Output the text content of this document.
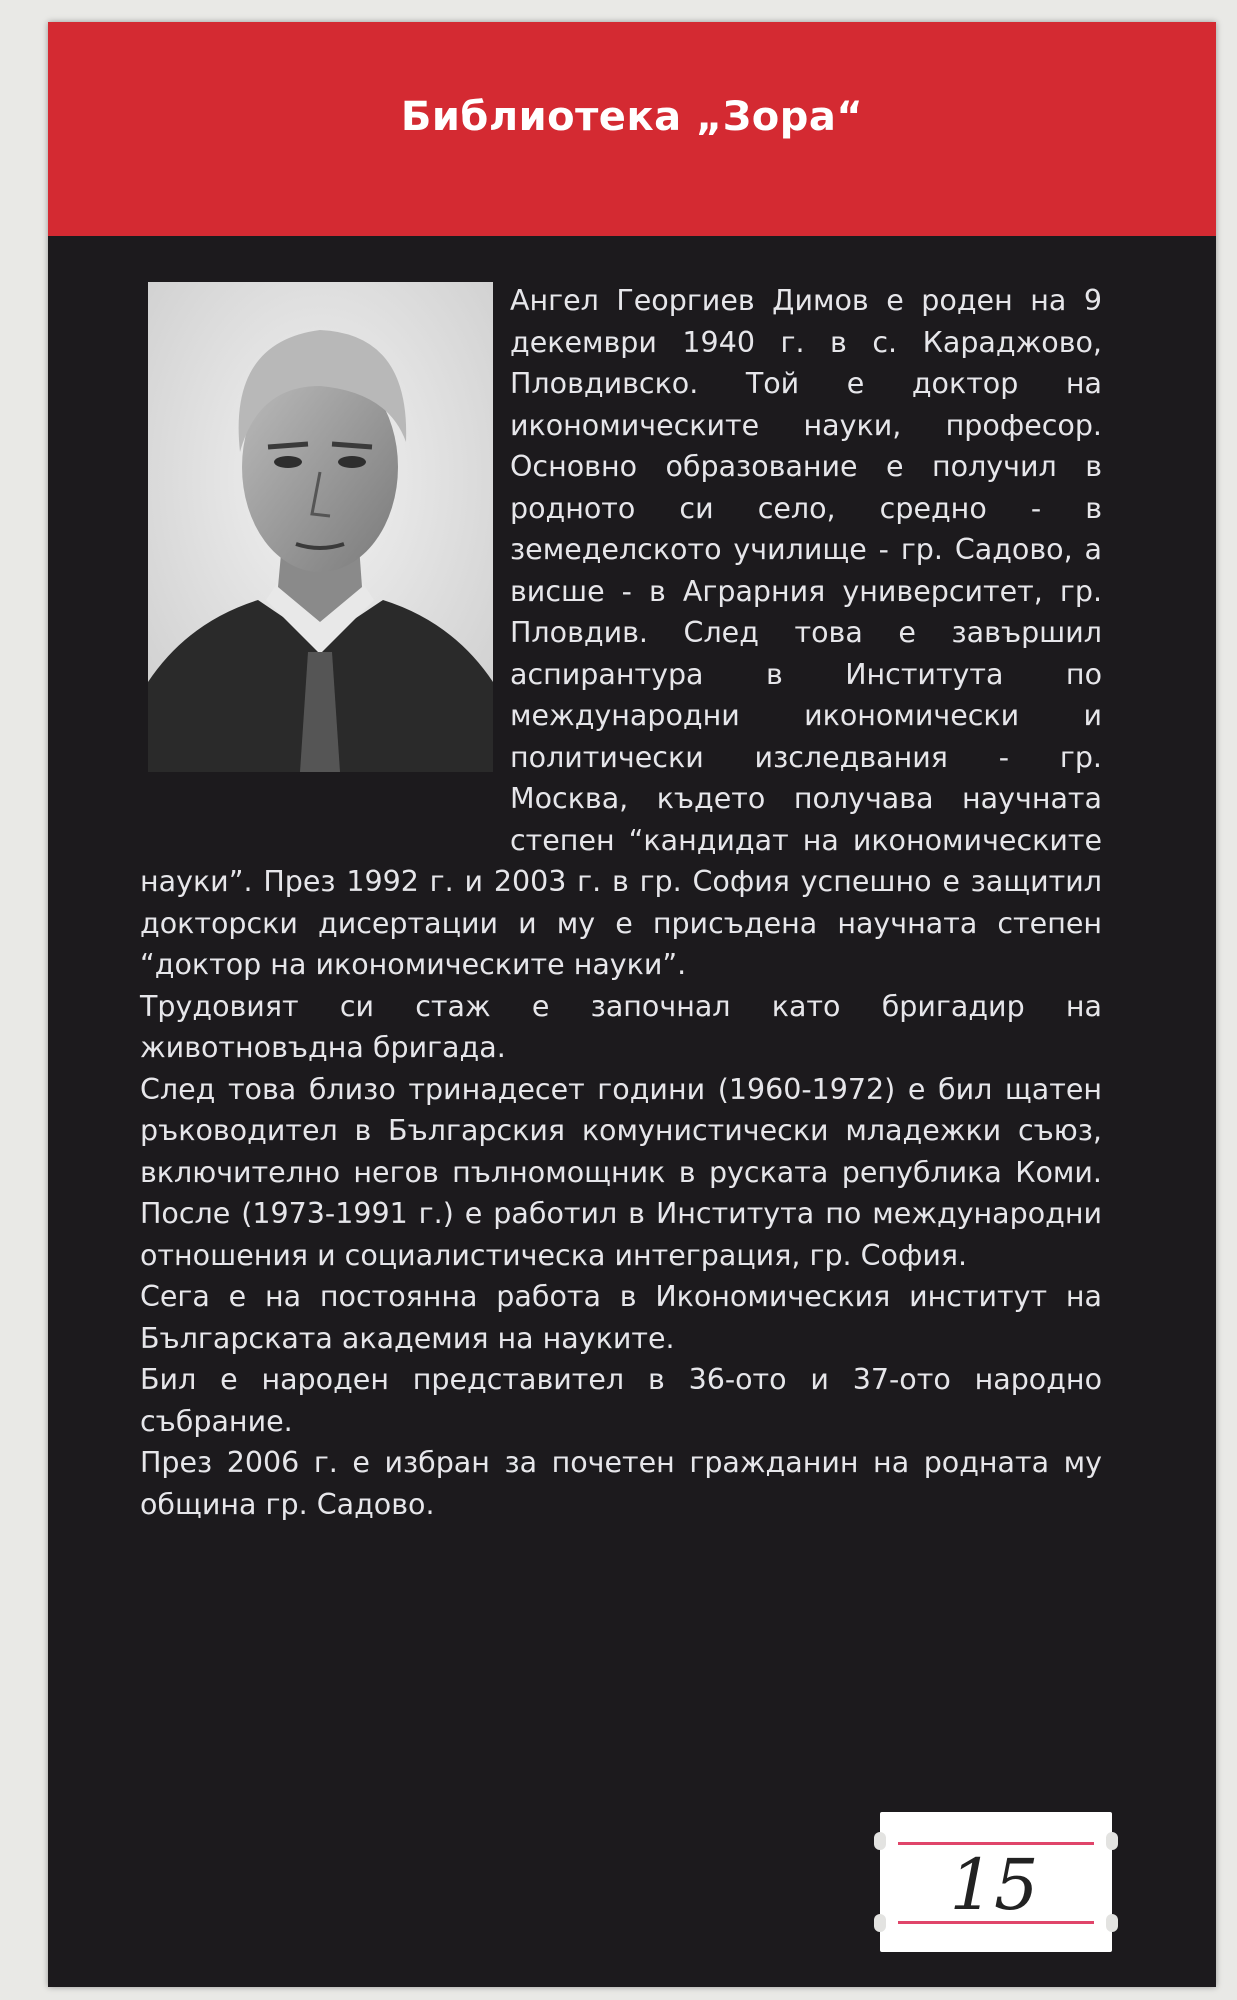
Библиотека „Зора“

Ангел Георгиев Димов е роден на 9 декември 1940 г. в с. Караджово, Пловдивско. Той е доктор на икономическите науки, професор. Основно образование е получил в родното си село, средно - в земеделското училище - гр. Садово, а висше - в Аграрния университет, гр. Пловдив. След това е завършил аспирантура в Института по международни икономически и политически изследвания - гр. Москва, където получава научната степен “кандидат на икономическите науки”. През 1992 г. и 2003 г. в гр. София успешно е защитил докторски дисертации и му е присъдена научната степен “доктор на икономическите науки”.

Трудовият си стаж е започнал като бригадир на животновъдна бригада.

След това близо тринадесет години (1960-1972) е бил щатен ръководител в Българския комунистически младежки съюз, включително негов пълномощник в руската република Коми. После (1973-1991 г.) е работил в Института по международни отношения и социалистическа интеграция, гр. София.

Сега е на постоянна работа в Икономическия институт на Българската академия на науките.

Бил е народен представител в 36-ото и 37-ото народно събрание.

През 2006 г. е избран за почетен гражданин на родната му община гр. Садово.

15
